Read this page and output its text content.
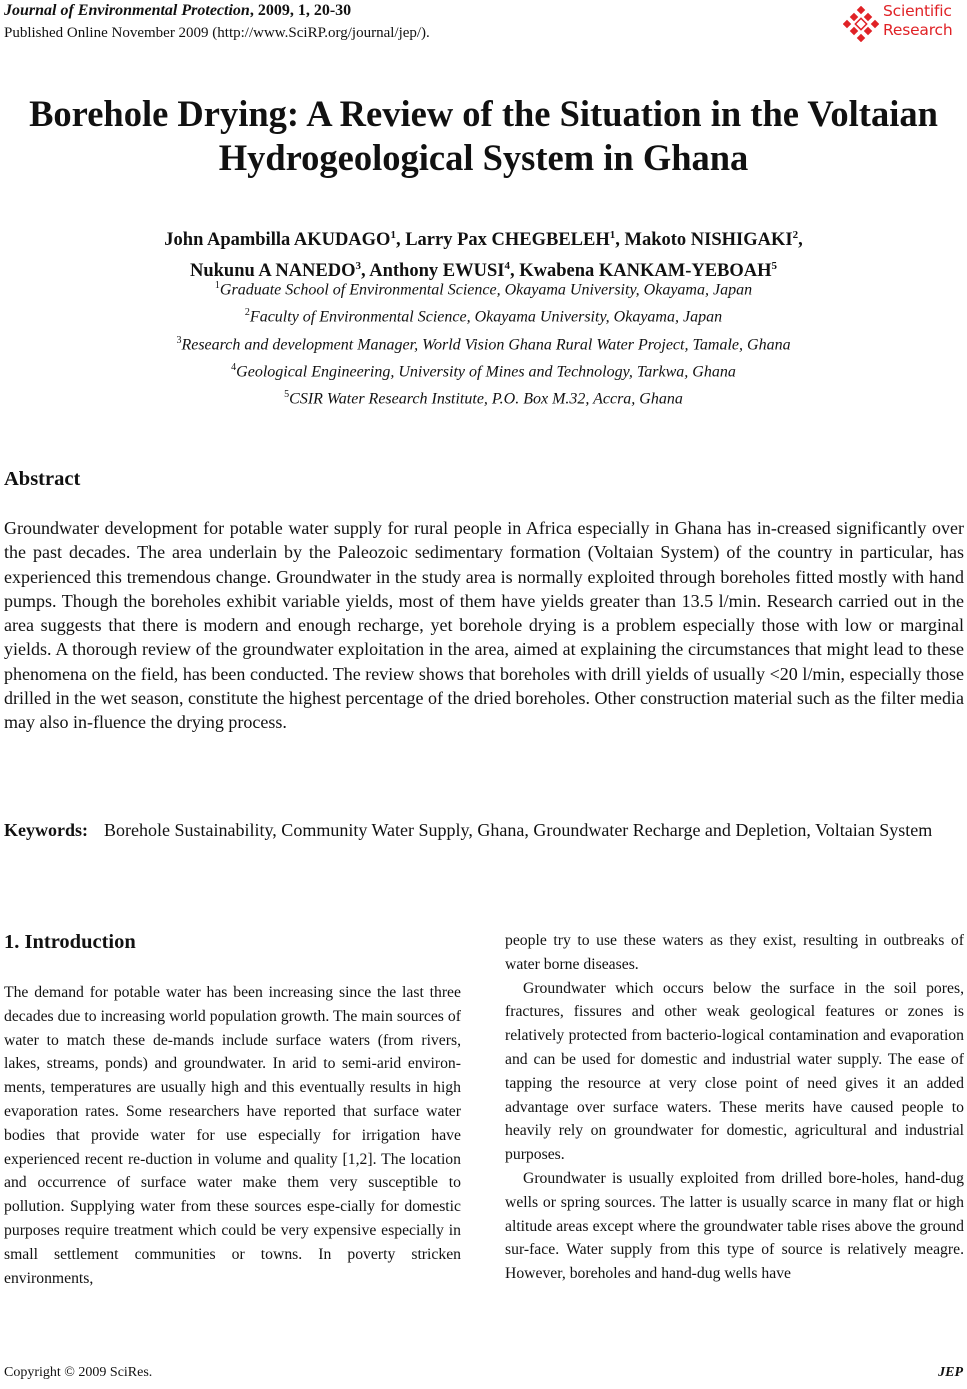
Journal of Environmental Protection, 2009, 1, 20-30
Published Online November 2009 (http://www.SciRP.org/journal/jep/).
Scientific
Research
Borehole Drying: A Review of the Situation in the Voltaian
Hydrogeological System in Ghana
John Apambilla AKUDAGO$^1$, Larry Pax CHEGBELEH$^1$, Makoto NISHIGAKI$^2$,
Nukunu A NANEDO$^3$, Anthony EWUSI$^4$, Kwabena KANKAM-YEBOAH$^5$
$^1$Graduate School of Environmental Science, Okayama University, Okayama, Japan
$^2$Faculty of Environmental Science, Okayama University, Okayama, Japan
$^3$Research and development Manager, World Vision Ghana Rural Water Project, Tamale, Ghana
$^4$Geological Engineering, University of Mines and Technology, Tarkwa, Ghana
$^5$CSIR Water Research Institute, P.O. Box M.32, Accra, Ghana
Abstract
Groundwater development for potable water supply for rural people in Africa especially in Ghana has in-creased significantly over the past decades. The area underlain by the Paleozoic sedimentary formation (Voltaian System) of the country in particular, has experienced this tremendous change. Groundwater in the study area is normally exploited through boreholes fitted mostly with hand pumps. Though the boreholes exhibit variable yields, most of them have yields greater than 13.5 l/min. Research carried out in the area suggests that there is modern and enough recharge, yet borehole drying is a problem especially those with low or marginal yields. A thorough review of the groundwater exploitation in the area, aimed at explaining the circumstances that might lead to these phenomena on the field, has been conducted. The review shows that boreholes with drill yields of usually <20 l/min, especially those drilled in the wet season, constitute the highest percentage of the dried boreholes. Other construction material such as the filter media may also in-fluence the drying process.
Keywords: Borehole Sustainability, Community Water Supply, Ghana, Groundwater Recharge and Depletion, Voltaian System
1. Introduction

The demand for potable water has been increasing since the last three decades due to increasing world population growth. The main sources of water to match these de-mands include surface waters (from rivers, lakes, streams, ponds) and groundwater. In arid to semi-arid environ-ments, temperatures are usually high and this eventually results in high evaporation rates. Some researchers have reported that surface water bodies that provide water for use especially for irrigation have experienced recent re-duction in volume and quality [1,2]. The location and occurrence of surface water make them very susceptible to pollution. Supplying water from these sources espe-cially for domestic purposes require treatment which could be very expensive especially in small settlement communities or towns. In poverty stricken environments,

people try to use these waters as they exist, resulting in outbreaks of water borne diseases.

Groundwater which occurs below the surface in the soil pores, fractures, fissures and other weak geological features or zones is relatively protected from bacterio-logical contamination and evaporation and can be used for domestic and industrial water supply. The ease of tapping the resource at very close point of need gives it an added advantage over surface waters. These merits have caused people to heavily rely on groundwater for domestic, agricultural and industrial purposes.

Groundwater is usually exploited from drilled bore-holes, hand-dug wells or spring sources. The latter is usually scarce in many flat or high altitude areas except where the groundwater table rises above the ground sur-face. Water supply from this type of source is relatively meagre. However, boreholes and hand-dug wells have

Copyright © 2009 SciRes.	JEP
